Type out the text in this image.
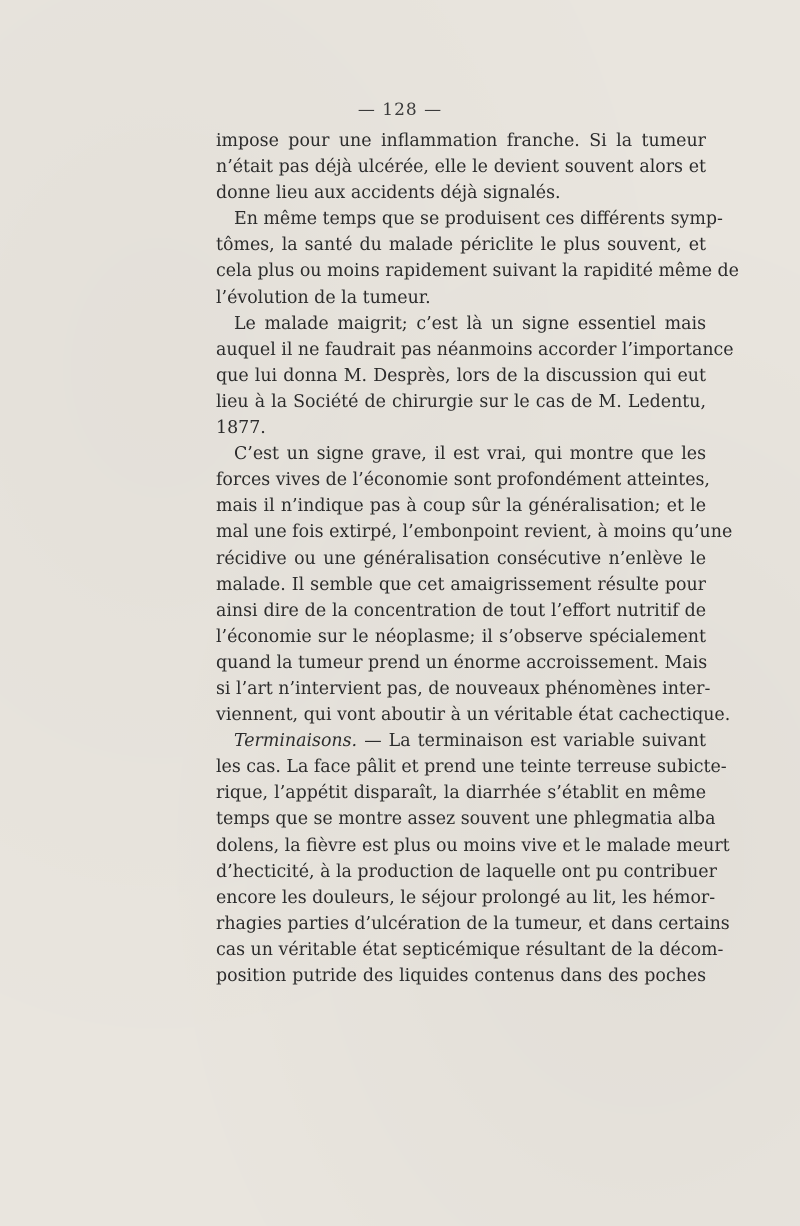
— 128 —
impose pour une inflammation franche. Si la tumeur
n’était pas déjà ulcérée, elle le devient souvent alors et
donne lieu aux accidents déjà signalés.
En même temps que se produisent ces différents symp-
tômes, la santé du malade périclite le plus souvent, et
cela plus ou moins rapidement suivant la rapidité même de
l’évolution de la tumeur.
Le malade maigrit; c’est là un signe essentiel mais
auquel il ne faudrait pas néanmoins accorder l’importance
que lui donna M. Desprès, lors de la discussion qui eut
lieu à la Société de chirurgie sur le cas de M. Ledentu,
1877.
C’est un signe grave, il est vrai, qui montre que les
forces vives de l’économie sont profondément atteintes,
mais il n’indique pas à coup sûr la généralisation; et le
mal une fois extirpé, l’embonpoint revient, à moins qu’une
récidive ou une généralisation consécutive n’enlève le
malade. Il semble que cet amaigrissement résulte pour
ainsi dire de la concentration de tout l’effort nutritif de
l’économie sur le néoplasme; il s’observe spécialement
quand la tumeur prend un énorme accroissement. Mais
si l’art n’intervient pas, de nouveaux phénomènes inter-
viennent, qui vont aboutir à un véritable état cachectique.
Terminaisons. — La terminaison est variable suivant
les cas. La face pâlit et prend une teinte terreuse subicte-
rique, l’appétit disparaît, la diarrhée s’établit en même
temps que se montre assez souvent une phlegmatia alba
dolens, la fièvre est plus ou moins vive et le malade meurt
d’hecticité, à la production de laquelle ont pu contribuer
encore les douleurs, le séjour prolongé au lit, les hémor-
rhagies parties d’ulcération de la tumeur, et dans certains
cas un véritable état septicémique résultant de la décom-
position putride des liquides contenus dans des poches
